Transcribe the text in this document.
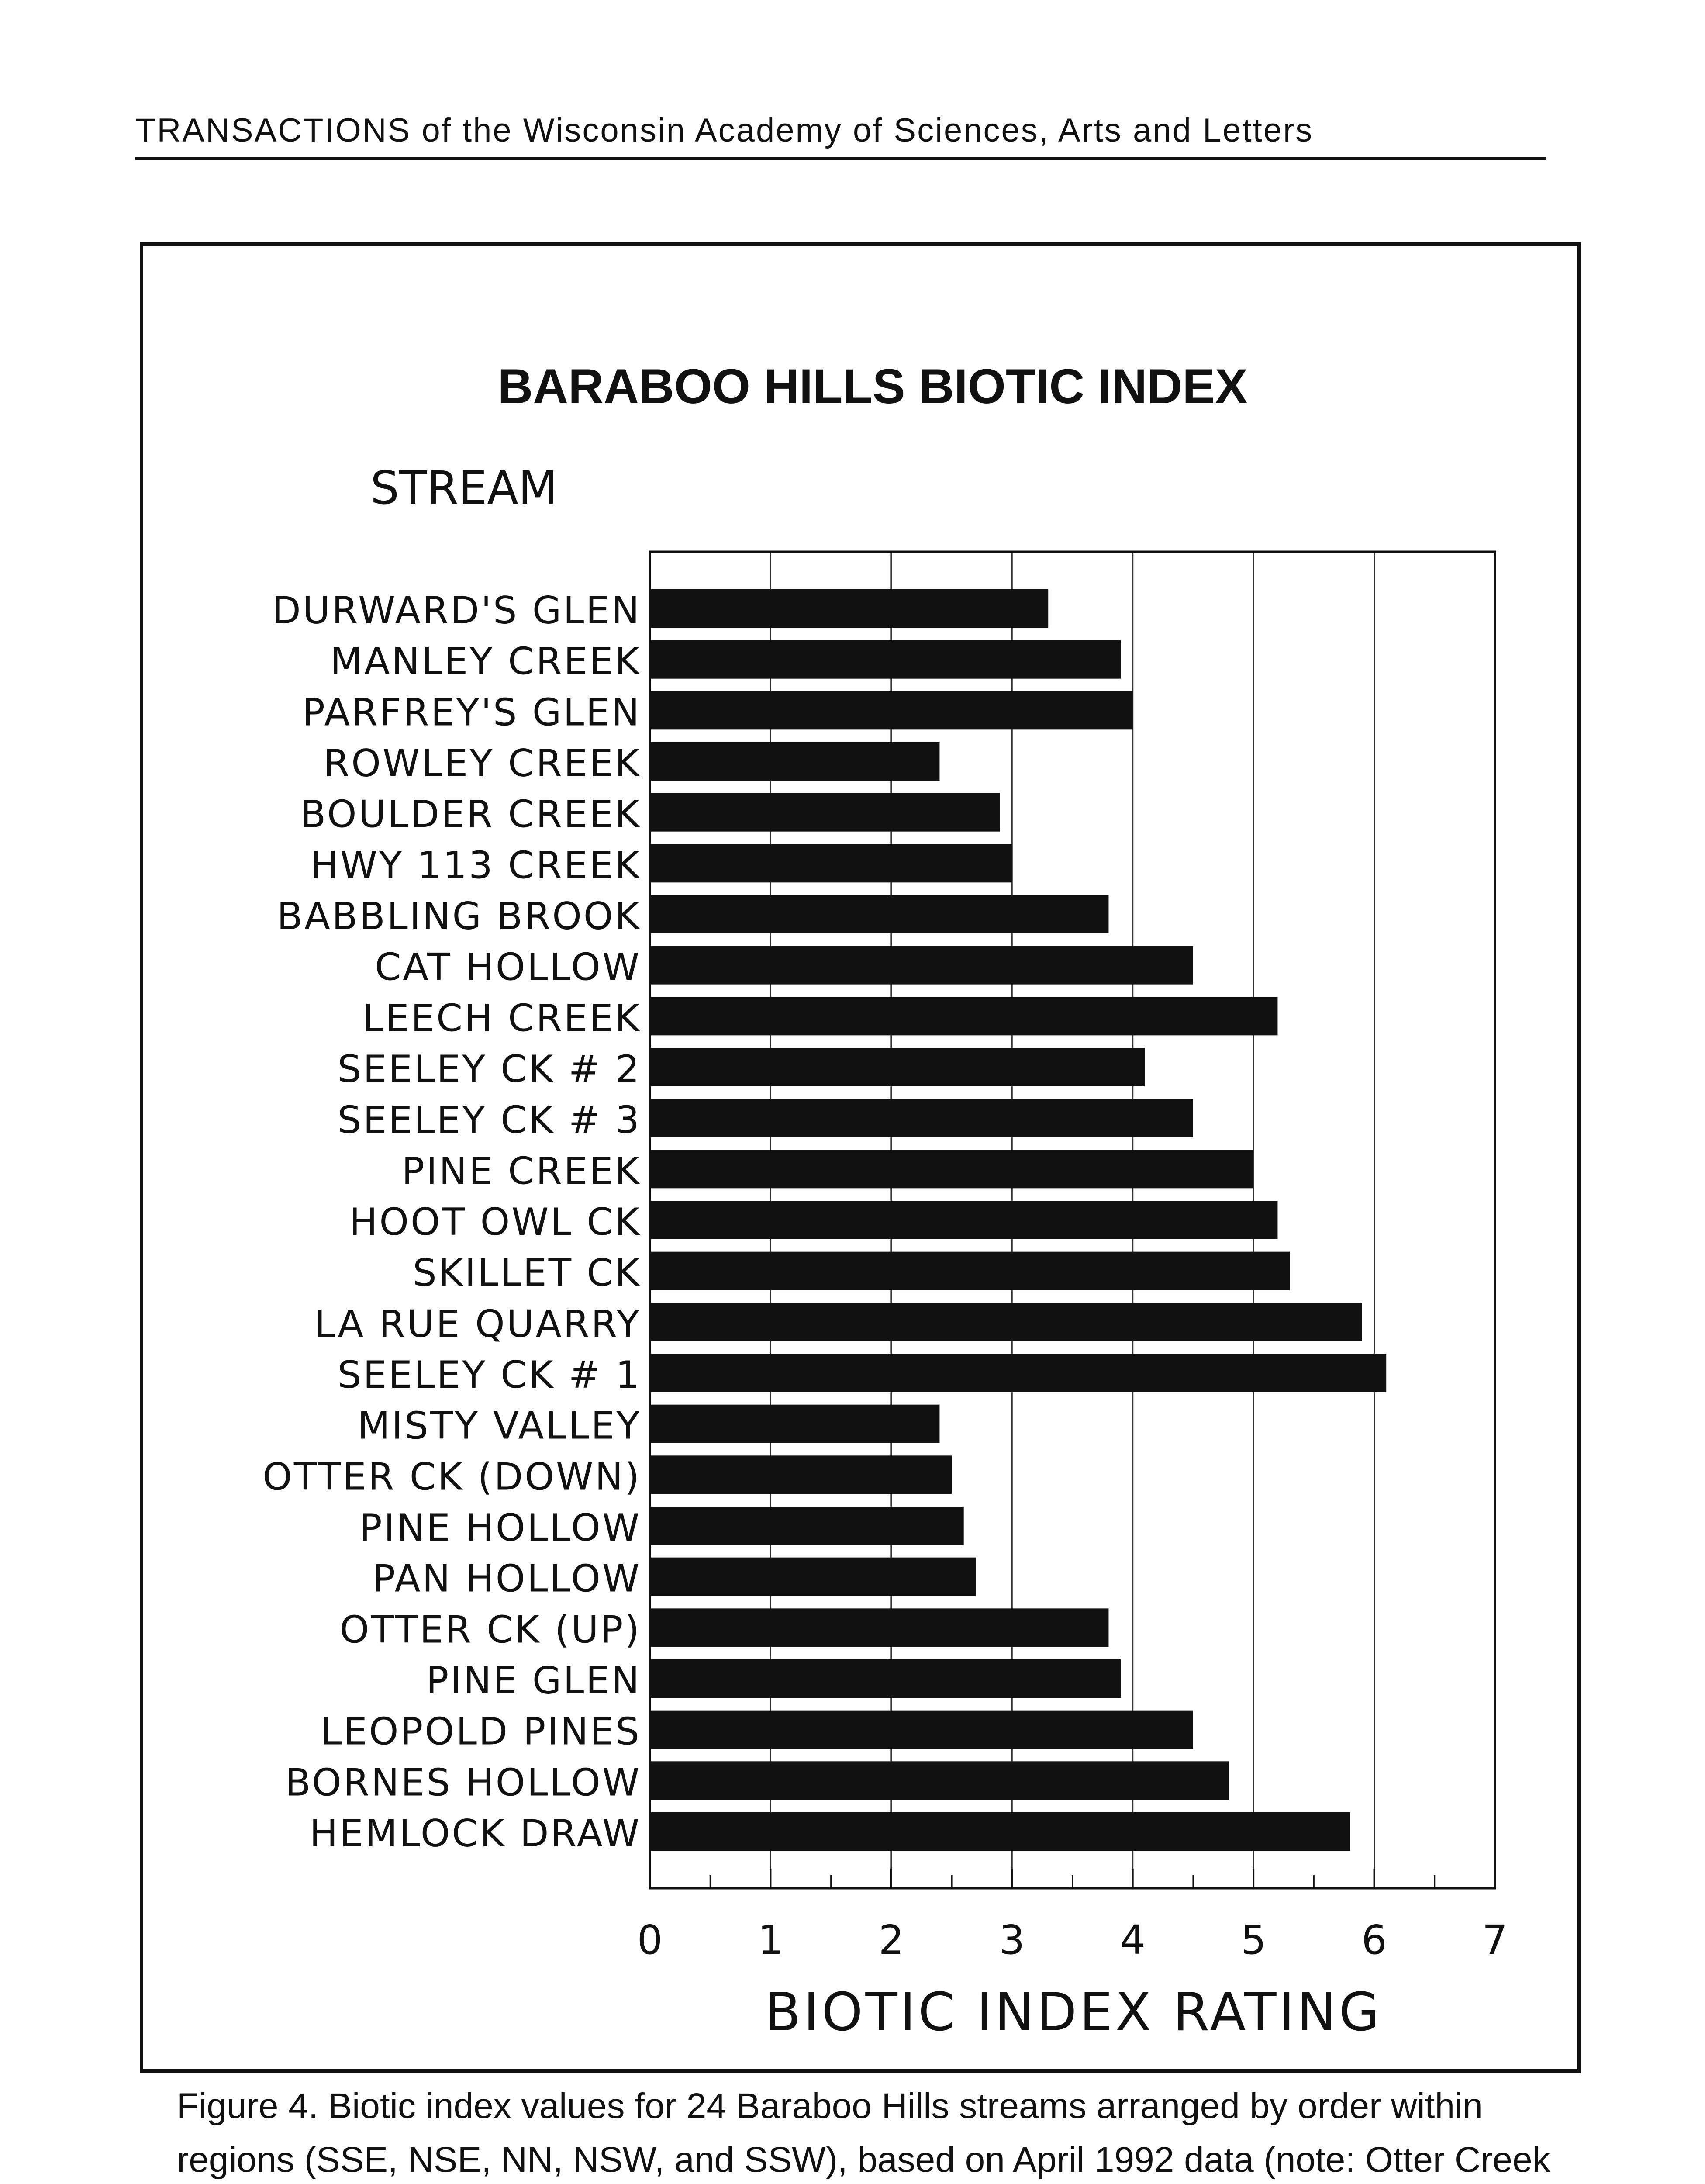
TRANSACTIONS of the Wisconsin Academy of Sciences, Arts and Letters
BARABOO HILLS BIOTIC INDEX
STREAM
BIOTIC INDEX RATING
DURWARD'S GLEN
MANLEY CREEK
PARFREY'S GLEN
ROWLEY CREEK
BOULDER CREEK
HWY 113 CREEK
BABBLING BROOK
CAT HOLLOW
LEECH CREEK
SEELEY CK # 2
SEELEY CK # 3
PINE CREEK
HOOT OWL CK
SKILLET CK
LA RUE QUARRY
SEELEY CK # 1
MISTY VALLEY
OTTER CK (DOWN)
PINE HOLLOW
PAN HOLLOW
OTTER CK (UP)
PINE GLEN
LEOPOLD PINES
BORNES HOLLOW
HEMLOCK DRAW
0 1 2 3 4 5 6 7
Figure 4. Biotic index values for 24 Baraboo Hills streams arranged by order within regions (SSE, NSE, NN, NSW, and SSW), based on April 1992 data (note: Otter Creek
